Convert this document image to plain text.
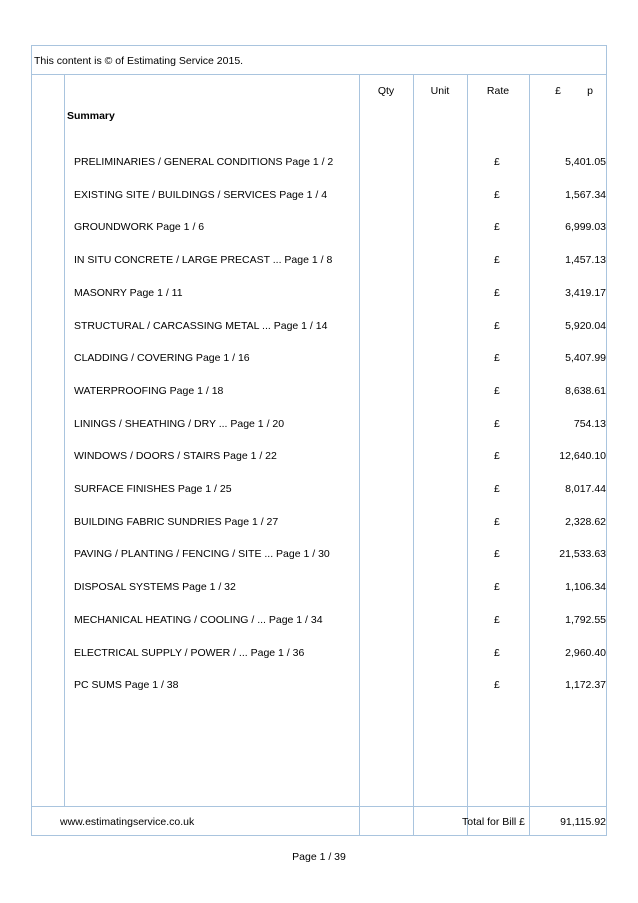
This content is © of Estimating Service 2015.
Qty	Unit	Rate	£	p
Summary
PRELIMINARIES / GENERAL CONDITIONS Page 1 / 2	£	5,401.05
EXISTING SITE / BUILDINGS / SERVICES Page 1 / 4	£	1,567.34
GROUNDWORK Page 1 / 6	£	6,999.03
IN SITU CONCRETE / LARGE PRECAST ... Page 1 / 8	£	1,457.13
MASONRY Page 1 / 11	£	3,419.17
STRUCTURAL / CARCASSING METAL ... Page 1 / 14	£	5,920.04
CLADDING / COVERING Page 1 / 16	£	5,407.99
WATERPROOFING Page 1 / 18	£	8,638.61
LININGS / SHEATHING / DRY ... Page 1 / 20	£	754.13
WINDOWS / DOORS / STAIRS Page 1 / 22	£	12,640.10
SURFACE FINISHES Page 1 / 25	£	8,017.44
BUILDING FABRIC SUNDRIES Page 1 / 27	£	2,328.62
PAVING / PLANTING / FENCING / SITE ... Page 1 / 30	£	21,533.63
DISPOSAL SYSTEMS Page 1 / 32	£	1,106.34
MECHANICAL HEATING / COOLING / ... Page 1 / 34	£	1,792.55
ELECTRICAL SUPPLY / POWER / ... Page 1 / 36	£	2,960.40
PC SUMS Page 1 / 38	£	1,172.37
www.estimatingservice.co.uk	Total for Bill £	91,115.92
Page 1 / 39
